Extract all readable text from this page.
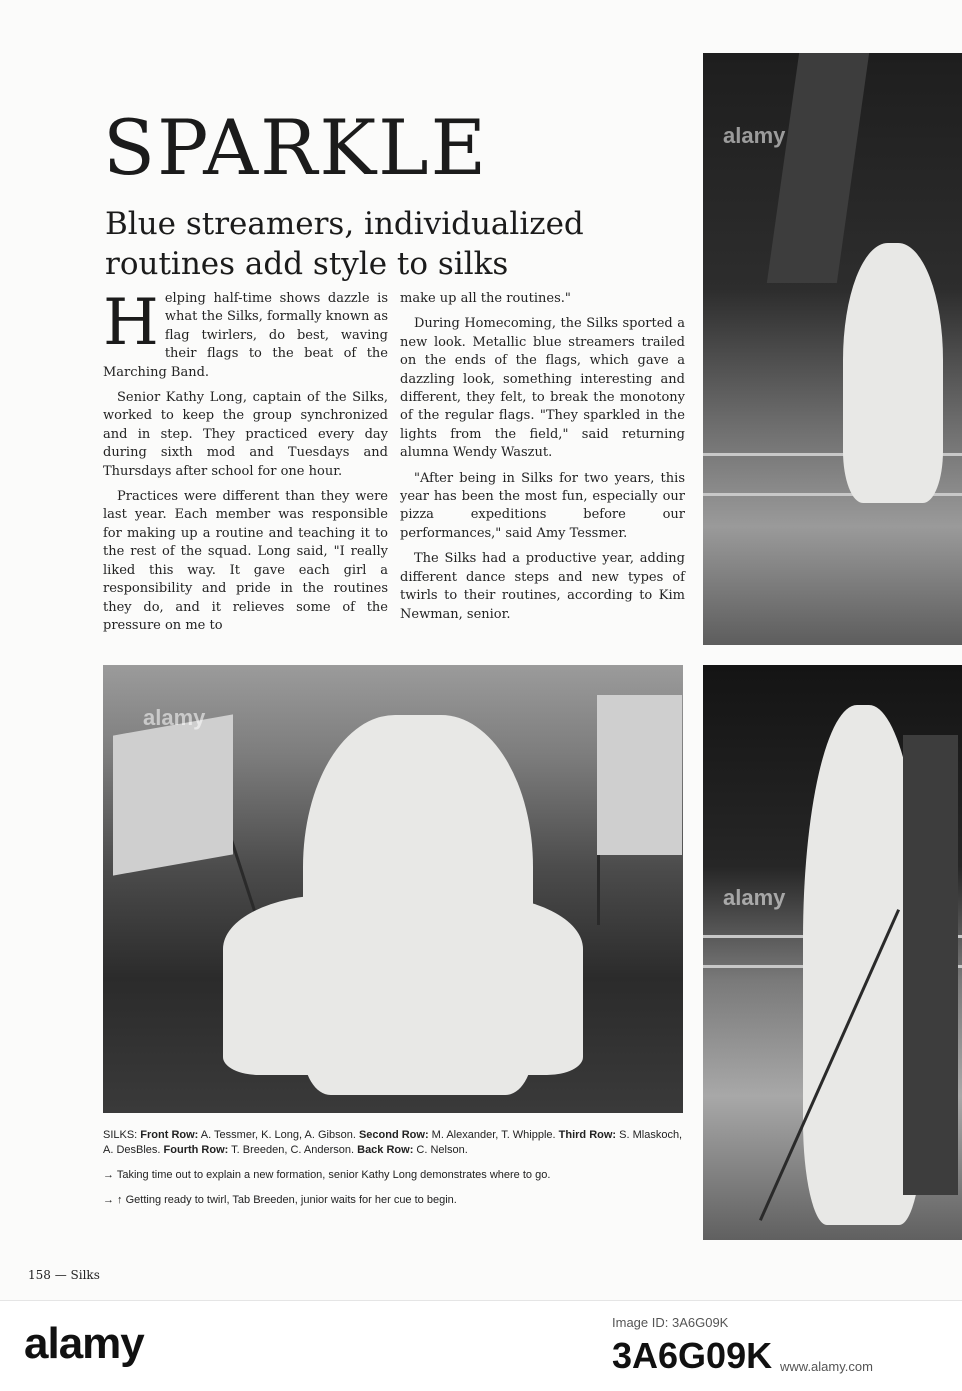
SPARKLE
Blue streamers, individualized routines add style to silks

Helping half-time shows dazzle is what the Silks, formally known as flag twirlers, do best, waving their flags to the beat of the Marching Band.

Senior Kathy Long, captain of the Silks, worked to keep the group synchronized and in step. They practiced every day during sixth mod and Tuesdays and Thursdays after school for one hour.

Practices were different than they were last year. Each member was responsible for making up a routine and teaching it to the rest of the squad. Long said, "I really liked this way. It gave each girl a responsibility and pride in the routines they do, and it relieves some of the pressure on me to

make up all the routines."

During Homecoming, the Silks sported a new look. Metallic blue streamers trailed on the ends of the flags, which gave a dazzling look, something interesting and different, they felt, to break the monotony of the regular flags. "They sparkled in the lights from the field," said returning alumna Wendy Waszut.

"After being in Silks for two years, this year has been the most fun, especially our pizza expeditions before our performances," said Amy Tessmer.

The Silks had a productive year, adding different dance steps and new types of twirls to their routines, according to Kim Newman, senior.

alamy
alamy
alamy

SILKS: Front Row: A. Tessmer, K. Long, A. Gibson. Second Row: M. Alexander, T. Whipple. Third Row: S. Mlaskoch, A. DesBles. Fourth Row: T. Breeden, C. Anderson. Back Row: C. Nelson.

→ Taking time out to explain a new formation, senior Kathy Long demonstrates where to go.

→ ↑ Getting ready to twirl, Tab Breeden, junior waits for her cue to begin.

158 — Silks
alamy	Image ID: 3A6G09K
3A6G09K www.alamy.com
